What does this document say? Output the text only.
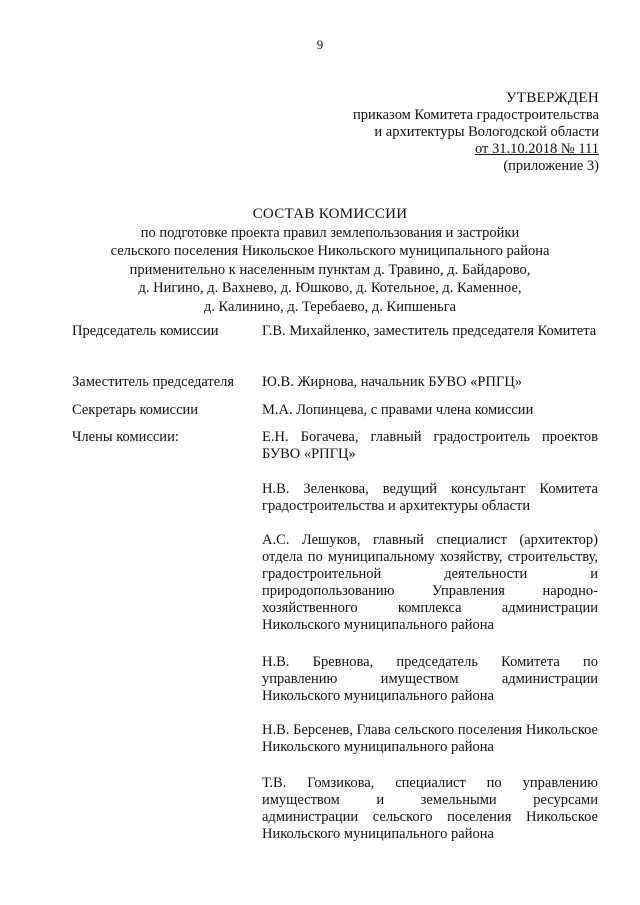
9
УТВЕРЖДЕН
приказом Комитета градостроительства
и архитектуры Вологодской области
от 31.10.2018 № 111
(приложение 3)
СОСТАВ КОМИССИИ
по подготовке проекта правил землепользования и застройки
сельского поселения Никольское Никольского муниципального района
применительно к населенным пунктам д. Травино, д. Байдарово,
д. Нигино, д. Вахнево, д. Юшково, д. Котельное, д. Каменное,
д. Калинино, д. Теребаево, д. Кипшеньга
Председатель комиссии	Г.В. Михайленко, заместитель председателя Комитета
Заместитель председателя Ю.В. Жирнова, начальник БУВО «РПГЦ»
Секретарь комиссии	М.А. Лопинцева, с правами члена комиссии
Члены комиссии:	Е.Н. Богачева, главный градостроитель проектов БУВО «РПГЦ»
Н.В. Зеленкова, ведущий консультант Комитета градостроительства и архитектуры области
А.С. Лешуков, главный специалист (архитектор) отдела по муниципальному хозяйству, строительству, градостроительной деятельности и природопользованию Управления народно-хозяйственного комплекса администрации Никольского муниципального района
Н.В. Бревнова, председатель Комитета по управлению имуществом администрации Никольского муниципального района
Н.В. Берсенев, Глава сельского поселения Никольское Никольского муниципального района
Т.В. Гомзикова, специалист по управлению имуществом и земельными ресурсами администрации сельского поселения Никольское Никольского муниципального района
